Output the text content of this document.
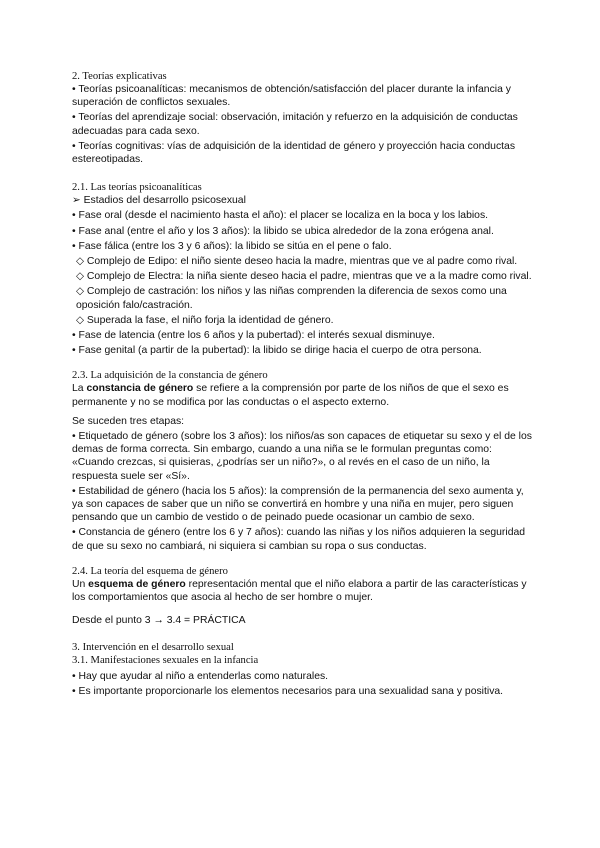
2. Teorías explicativas
• Teorías psicoanalíticas: mecanismos de obtención/satisfacción del placer durante la infancia y superación de conflictos sexuales.
• Teorías del aprendizaje social: observación, imitación y refuerzo en la adquisición de conductas adecuadas para cada sexo.
• Teorías cognitivas: vías de adquisición de la identidad de género y proyección hacia conductas estereotipadas.
2.1. Las teorías psicoanalíticas
➢ Estadios del desarrollo psicosexual
• Fase oral (desde el nacimiento hasta el año): el placer se localiza en la boca y los labios.
• Fase anal (entre el año y los 3 años): la libido se ubica alrededor de la zona erógena anal.
• Fase fálica (entre los 3 y 6 años): la libido se sitúa en el pene o falo.
◇ Complejo de Edipo: el niño siente deseo hacia la madre, mientras que ve al padre como rival.
◇ Complejo de Electra: la niña siente deseo hacia el padre, mientras que ve a la madre como rival.
◇ Complejo de castración: los niños y las niñas comprenden la diferencia de sexos como una oposición falo/castración.
◇ Superada la fase, el niño forja la identidad de género.
• Fase de latencia (entre los 6 años y la pubertad): el interés sexual disminuye.
• Fase genital (a partir de la pubertad): la libido se dirige hacia el cuerpo de otra persona.
2.3. La adquisición de la constancia de género
La constancia de género se refiere a la comprensión por parte de los niños de que el sexo es permanente y no se modifica por las conductas o el aspecto externo.
Se suceden tres etapas:
• Etiquetado de género (sobre los 3 años): los niños/as son capaces de etiquetar su sexo y el de los demas de forma correcta. Sin embargo, cuando a una niña se le formulan preguntas como: «Cuando crezcas, si quisieras, ¿podrías ser un niño?», o al revés en el caso de un niño, la respuesta suele ser «Sí».
• Estabilidad de género (hacia los 5 años): la comprensión de la permanencia del sexo aumenta y, ya son capaces de saber que un niño se convertirá en hombre y una niña en mujer, pero siguen pensando que un cambio de vestido o de peinado puede ocasionar un cambio de sexo.
• Constancia de género (entre los 6 y 7 años): cuando las niñas y los niños adquieren la seguridad de que su sexo no cambiará, ni siquiera si cambian su ropa o sus conductas.
2.4. La teoría del esquema de género
Un esquema de género representación mental que el niño elabora a partir de las características y los comportamientos que asocia al hecho de ser hombre o mujer.
Desde el punto 3 → 3.4 = PRÁCTICA
3. Intervención en el desarrollo sexual
3.1. Manifestaciones sexuales en la infancia
• Hay que ayudar al niño a entenderlas como naturales.
• Es importante proporcionarle los elementos necesarios para una sexualidad sana y positiva.
